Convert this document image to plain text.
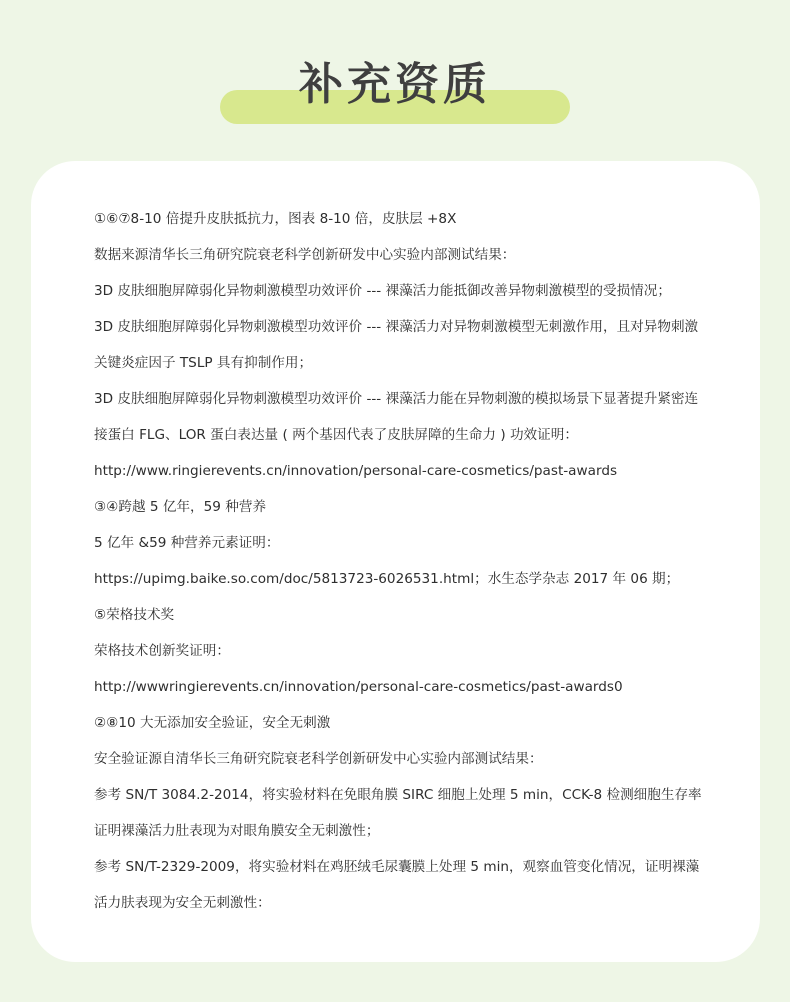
补充资质
①⑥⑦8-10 倍提升皮肤抵抗力，图表 8-10 倍，皮肤层 +8X
数据来源清华长三角研究院衰老科学创新研发中心实验内部测试结果：
3D 皮肤细胞屏障弱化异物刺激模型功效评价 --- 裸藻活力能抵御改善异物刺激模型的受损情况；
3D 皮肤细胞屏障弱化异物刺激模型功效评价 --- 裸藻活力对异物刺激模型无刺激作用，且对异物刺激
关键炎症因子 TSLP 具有抑制作用；
3D 皮肤细胞屏障弱化异物刺激模型功效评价 --- 裸藻活力能在异物刺激的模拟场景下显著提升紧密连
接蛋白 FLG、LOR 蛋白表达量 ( 两个基因代表了皮肤屏障的生命力 ) 功效证明：
http://www.ringierevents.cn/innovation/personal-care-cosmetics/past-awards
③④跨越 5 亿年，59 种营养
5 亿年 &59 种营养元素证明：
https://upimg.baike.so.com/doc/5813723-6026531.html；水生态学杂志 2017 年 06 期；
⑤荣格技术奖
荣格技术创新奖证明：
http://wwwringierevents.cn/innovation/personal-care-cosmetics/past-awards0
②⑧10 大无添加安全验证，安全无刺激
安全验证源自清华长三角研究院衰老科学创新研发中心实验内部测试结果：
参考 SN/T 3084.2-2014，将实验材料在免眼角膜 SIRC 细胞上处理 5 min，CCK-8 检测细胞生存率
证明裸藻活力肚表现为对眼角膜安全无刺激性；
参考 SN/T-2329-2009，将实验材料在鸡胚绒毛尿囊膜上处理 5 min，观察血管变化情况，证明裸藻
活力肤表现为安全无刺激性：
